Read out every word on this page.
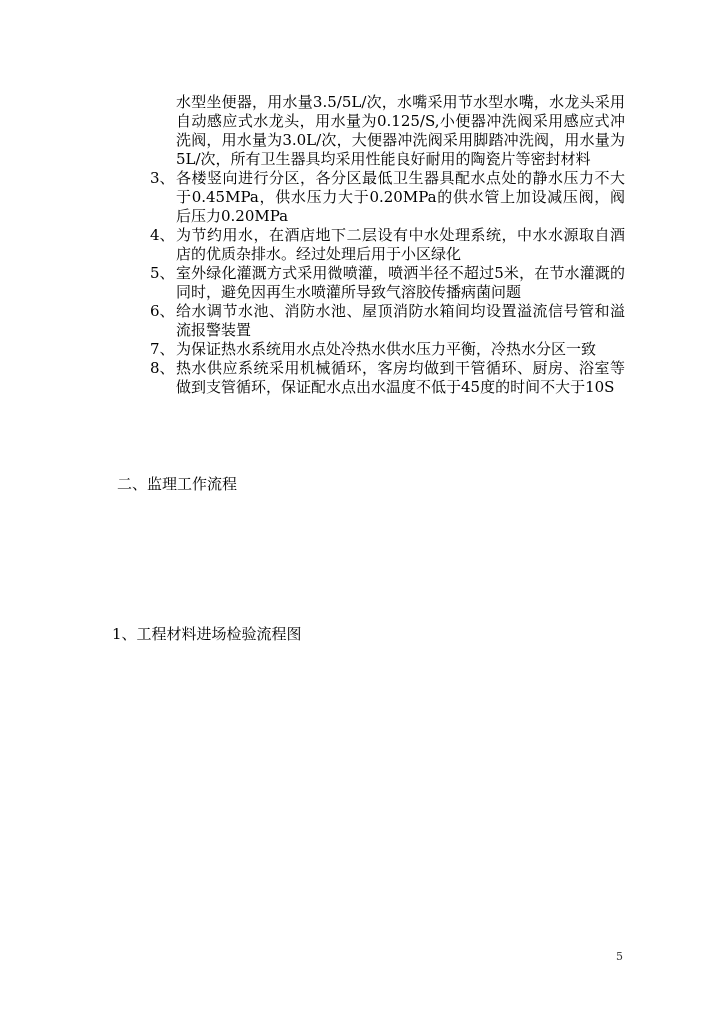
水型坐便器，用水量3.5/5L/次，水嘴采用节水型水嘴，水龙头采用自动感应式水龙头，用水量为0.125/S,小便器冲洗阀采用感应式冲洗阀，用水量为3.0L/次，大便器冲洗阀采用脚踏冲洗阀，用水量为5L/次，所有卫生器具均采用性能良好耐用的陶瓷片等密封材料

3、 各楼竖向进行分区，各分区最低卫生器具配水点处的静水压力不大于0.45MPa，供水压力大于0.20MPa的供水管上加设减压阀，阀后压力0.20MPa

4、 为节约用水，在酒店地下二层设有中水处理系统，中水水源取自酒店的优质杂排水。经过处理后用于小区绿化

5、 室外绿化灌溉方式采用微喷灌，喷洒半径不超过5米，在节水灌溉的同时，避免因再生水喷灌所导致气溶胶传播病菌问题

6、 给水调节水池、消防水池、屋顶消防水箱间均设置溢流信号管和溢流报警装置

7、 为保证热水系统用水点处冷热水供水压力平衡，冷热水分区一致

8、 热水供应系统采用机械循环，客房均做到干管循环、厨房、浴室等做到支管循环，保证配水点出水温度不低于45度的时间不大于10S

二、监理工作流程

1、工程材料进场检验流程图

5
